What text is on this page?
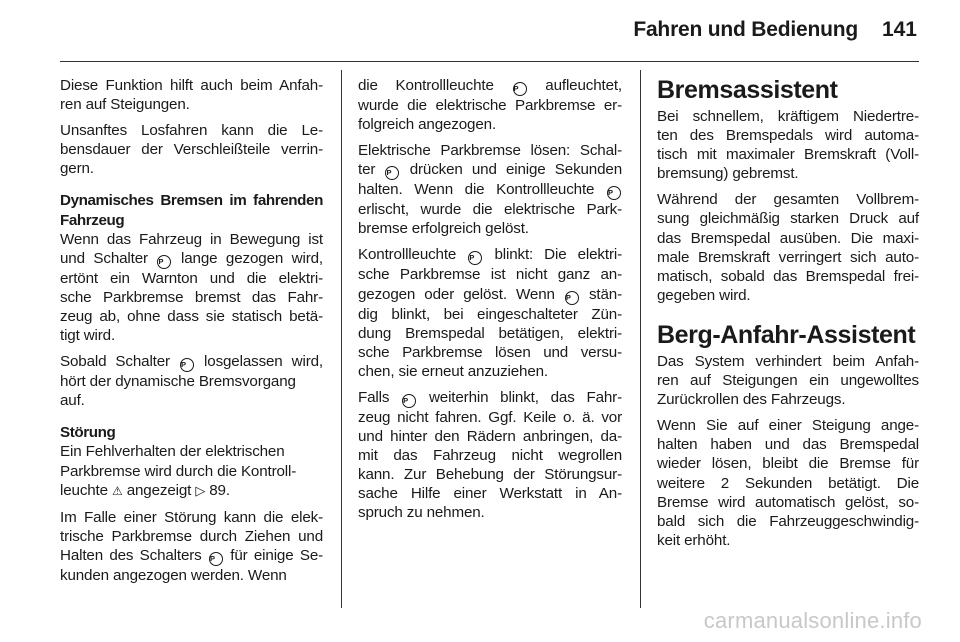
Fahren und Bedienung 141

Diese Funktion hilft auch beim Anfah-
ren auf Steigungen.

Unsanftes Losfahren kann die Le-
bensdauer der Verschleißteile verrin-
gern.

Dynamisches Bremsen im fahrenden
Fahrzeug

Wenn das Fahrzeug in Bewegung ist
und Schalter P lange gezogen wird,
ertönt ein Warnton und die elektri-
sche Parkbremse bremst das Fahr-
zeug ab, ohne dass sie statisch betä-
tigt wird.

Sobald Schalter P losgelassen wird,
hört der dynamische Bremsvorgang
auf.

Störung

Ein Fehlverhalten der elektrischen
Parkbremse wird durch die Kontroll-
leuchte ⚠ angezeigt ▷ 89.

Im Falle einer Störung kann die elek-
trische Parkbremse durch Ziehen und
Halten des Schalters P für einige Se-
kunden angezogen werden. Wenn

die Kontrollleuchte	P aufleuchtet,
wurde die elektrische Parkbremse er-
folgreich angezogen.

Elektrische Parkbremse lösen: Schal-
ter P drücken und einige Sekunden
halten. Wenn die Kontrollleuchte P
erlischt, wurde die elektrische Park-
bremse erfolgreich gelöst.

Kontrollleuchte P blinkt: Die elektri-
sche Parkbremse ist nicht ganz an-
gezogen oder gelöst. Wenn P stän-
dig blinkt, bei eingeschalteter Zün-
dung Bremspedal betätigen, elektri-
sche Parkbremse lösen und versu-
chen, sie erneut anzuziehen.

Falls P weiterhin blinkt, das Fahr-
zeug nicht fahren. Ggf. Keile o. ä. vor
und hinter den Rädern anbringen, da-
mit das Fahrzeug nicht wegrollen
kann. Zur Behebung der Störungsur-
sache Hilfe einer Werkstatt in An-
spruch zu nehmen.

Bremsassistent

Bei schnellem, kräftigem Niedertre-
ten des Bremspedals wird automa-
tisch mit maximaler Bremskraft (Voll-
bremsung) gebremst.

Während der gesamten Vollbrem-
sung gleichmäßig starken Druck auf
das Bremspedal ausüben. Die maxi-
male Bremskraft verringert sich auto-
matisch, sobald das Bremspedal frei-
gegeben wird.

Berg-Anfahr-Assistent

Das System verhindert beim Anfah-
ren auf Steigungen ein ungewolltes
Zurückrollen des Fahrzeugs.

Wenn Sie auf einer Steigung ange-
halten haben und das Bremspedal
wieder lösen, bleibt die Bremse für
weitere 2 Sekunden betätigt. Die
Bremse wird automatisch gelöst, so-
bald sich die Fahrzeuggeschwindig-
keit erhöht.

carmanualsonline.info
